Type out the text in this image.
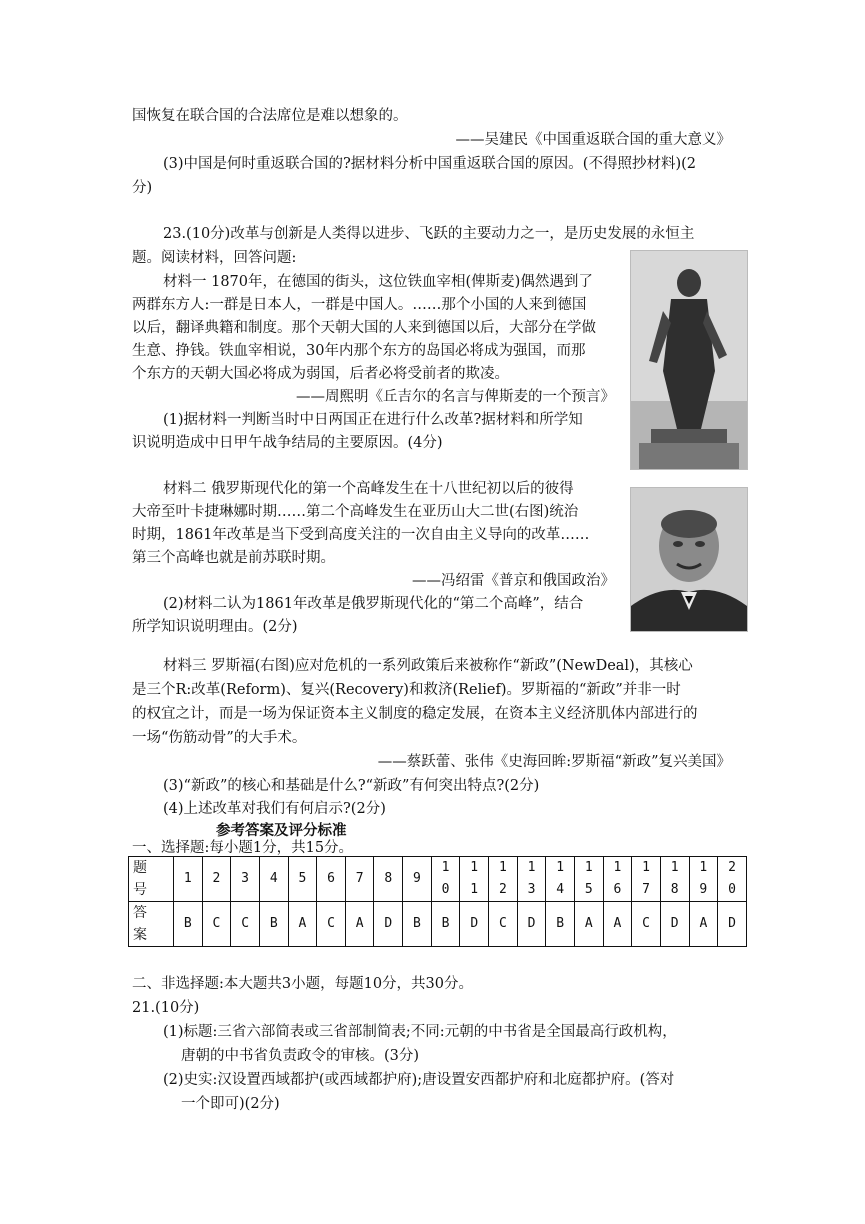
国恢复在联合国的合法席位是难以想象的。
——吴建民《中国重返联合国的重大意义》
(3)中国是何时重返联合国的?据材料分析中国重返联合国的原因。(不得照抄材料)(2
分)
23.(10分)改革与创新是人类得以进步、飞跃的主要动力之一，是历史发展的永恒主
题。阅读材料，回答问题:
材料一 1870年，在德国的街头，这位铁血宰相(俾斯麦)偶然遇到了
两群东方人:一群是日本人，一群是中国人。……那个小国的人来到德国
以后，翻译典籍和制度。那个天朝大国的人来到德国以后，大部分在学做
生意、挣钱。铁血宰相说，30年内那个东方的岛国必将成为强国，而那
个东方的天朝大国必将成为弱国，后者必将受前者的欺凌。
——周熙明《丘吉尔的名言与俾斯麦的一个预言》
(1)据材料一判断当时中日两国正在进行什么改革?据材料和所学知
识说明造成中日甲午战争结局的主要原因。(4分)
材料二 俄罗斯现代化的第一个高峰发生在十八世纪初以后的彼得
大帝至叶卡捷琳娜时期……第二个高峰发生在亚历山大二世(右图)统治
时期，1861年改革是当下受到高度关注的一次自由主义导向的改革……
第三个高峰也就是前苏联时期。
——冯绍雷《普京和俄国政治》
(2)材料二认为1861年改革是俄罗斯现代化的“第二个高峰”，结合
所学知识说明理由。(2分)
材料三 罗斯福(右图)应对危机的一系列政策后来被称作“新政”(NewDeal)，其核心
是三个R:改革(Reform)、复兴(Recovery)和救济(Relief)。罗斯福的“新政”并非一时
的权宜之计，而是一场为保证资本主义制度的稳定发展，在资本主义经济肌体内部进行的
一场“伤筋动骨”的大手术。
——蔡跃蕾、张伟《史海回眸:罗斯福“新政”复兴美国》
(3)“新政”的核心和基础是什么?“新政”有何突出特点?(2分)
(4)上述改革对我们有何启示?(2分)
参考答案及评分标准
一、选择题:每小题1分，共15分。
题号	1	2	3	4	5	6	7	8	9	10	11	12	13	14	15	16	17	18	19	20
答案	B	C	C	B	A	C	A	D	B	B	D	C	D	B	A	A	C	D	A	D
二、非选择题:本大题共3小题，每题10分，共30分。
21.(10分)
(1)标题:三省六部简表或三省部制简表;不同:元朝的中书省是全国最高行政机构，
唐朝的中书省负责政令的审核。(3分)
(2)史实:汉设置西域都护(或西域都护府);唐设置安西都护府和北庭都护府。(答对
一个即可)(2分)
